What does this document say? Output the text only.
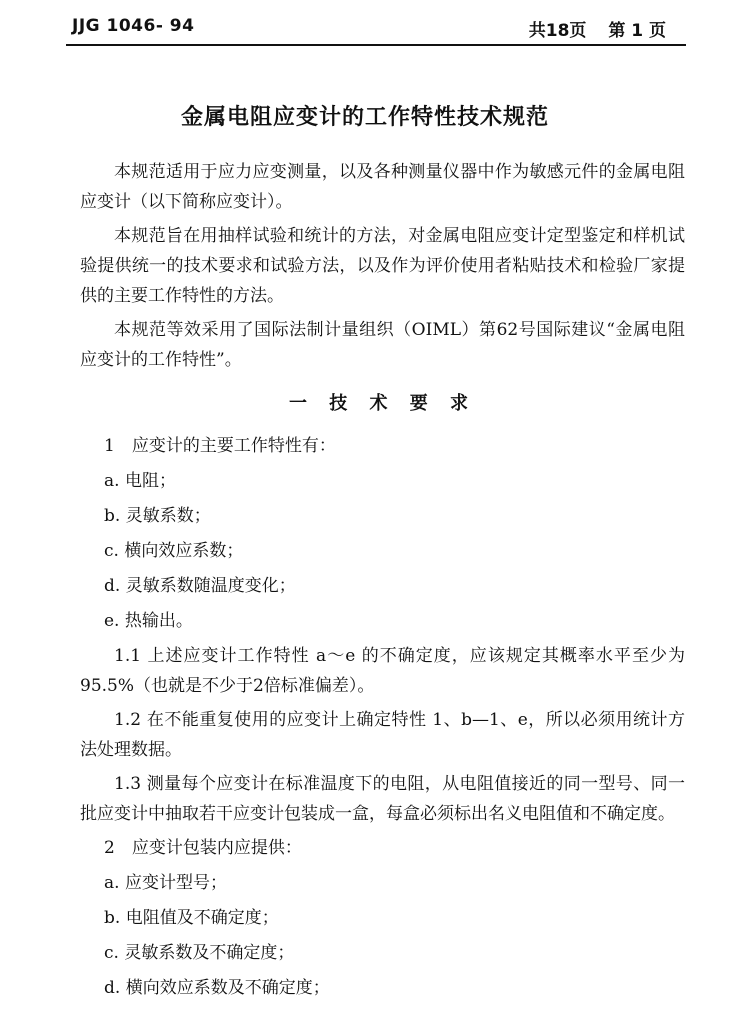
JJG 1046- 94	共18页 第 1 页
金属电阻应变计的工作特性技术规范

本规范适用于应力应变测量，以及各种测量仪器中作为敏感元件的金属电阻应变计（以下简称应变计）。

本规范旨在用抽样试验和统计的方法，对金属电阻应变计定型鉴定和样机试验提供统一的技术要求和试验方法，以及作为评价使用者粘贴技术和检验厂家提供的主要工作特性的方法。

本规范等效采用了国际法制计量组织（OIML）第62号国际建议“金属电阻应变计的工作特性”。

一 技 术 要 求

1　应变计的主要工作特性有：

a. 电阻；

b. 灵敏系数；

c. 横向效应系数；

d. 灵敏系数随温度变化；

e. 热输出。

1.1 上述应变计工作特性 a～e 的不确定度，应该规定其概率水平至少为95.5%（也就是不少于2倍标准偏差）。

1.2 在不能重复使用的应变计上确定特性 1、b—1、e，所以必须用统计方法处理数据。

1.3 测量每个应变计在标准温度下的电阻，从电阻值接近的同一型号、同一批应变计中抽取若干应变计包装成一盒，每盒必须标出名义电阻值和不确定度。

2　应变计包装内应提供：

a. 应变计型号；

b. 电阻值及不确定度；

c. 灵敏系数及不确定度；

d. 横向效应系数及不确定度；
